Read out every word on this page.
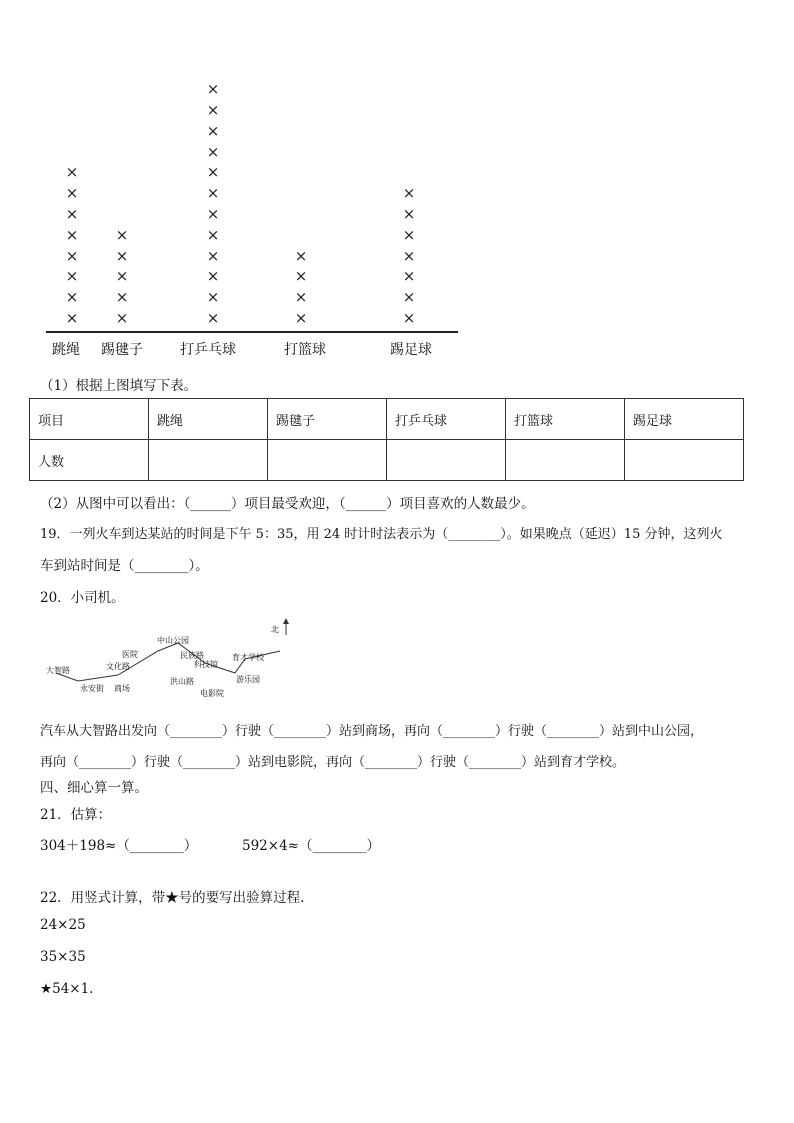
×
×
×
×
×
×
×
×
×
×
×
×
×
×
×
×
×
×
×
×
×
×
×
×
×
×
×
×
×
×
×
×
×
×
×
×
跳绳 踢毽子	打乒乓球	打篮球	踢足球
（1）根据上图填写下表。
项目	跳绳	踢毽子	打乒乓球	打篮球	踢足球
人数					
（2）从图中可以看出：（______）项目最受欢迎，（______）项目喜欢的人数最少。
19．一列火车到达某站的时间是下午 5：35，用 24 时计时法表示为（________）。如果晚点（延迟）15 分钟，这列火
车到站时间是（________）。
20．小司机。
北
大智路
永安街 商场
文化路
医院
中山公园
民族路
科技馆
洪山路
电影院
游乐园
育才学校
汽车从大智路出发向（________）行驶（________）站到商场，再向（________）行驶（________）站到中山公园，
再向（________）行驶（________）站到电影院，再向（________）行驶（________）站到育才学校。
四、细心算一算。
21．估算：
304＋198≈（________）	592×4≈（________）
22．用竖式计算，带★号的要写出验算过程.
24×25
35×35
★54×1.
